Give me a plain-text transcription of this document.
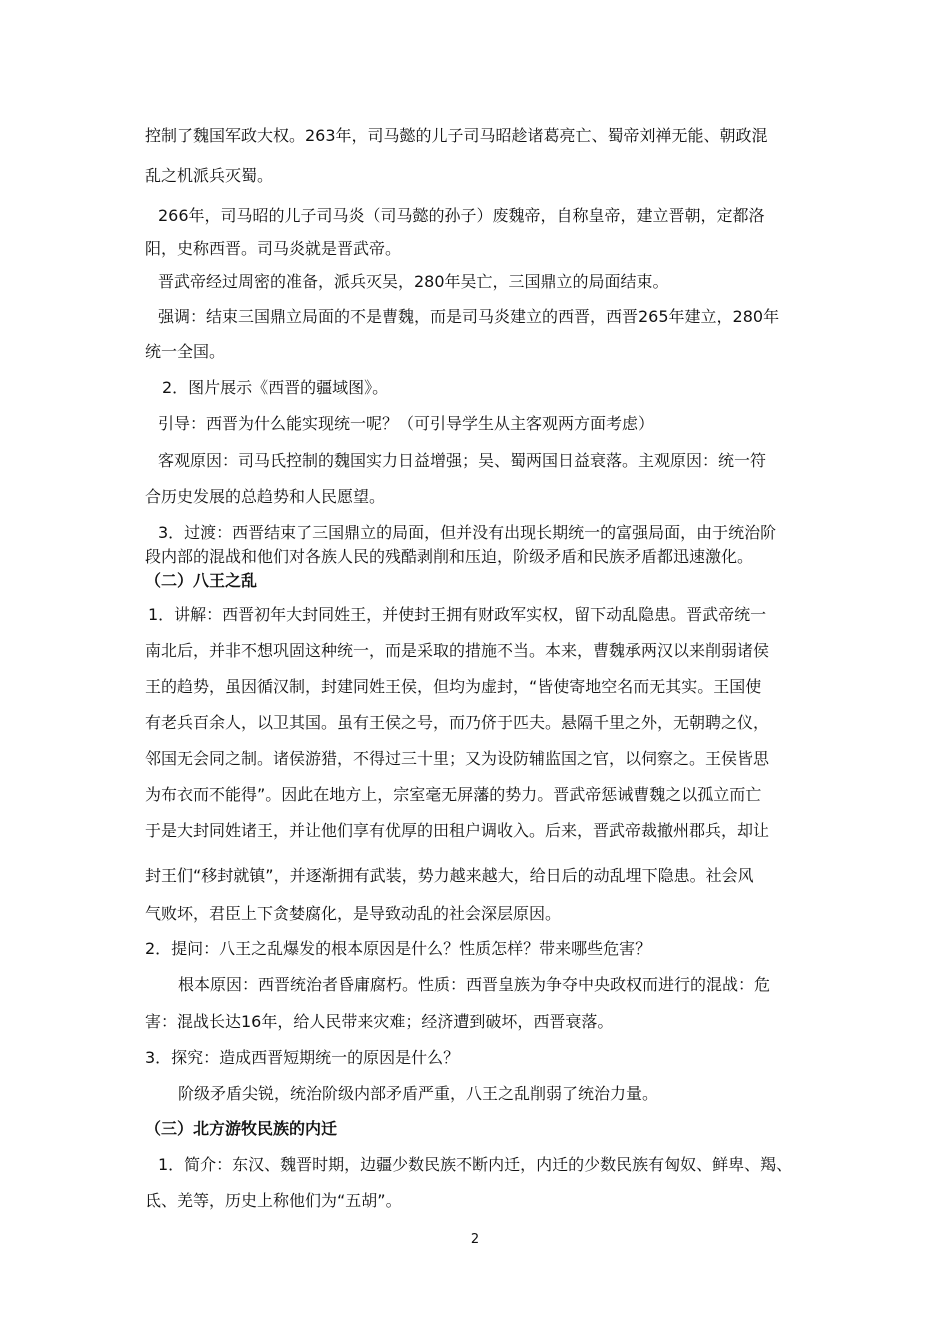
控制了魏国军政大权。263年，司马懿的儿子司马昭趁诸葛亮亡、蜀帝刘禅无能、朝政混
乱之机派兵灭蜀。
266年，司马昭的儿子司马炎（司马懿的孙子）废魏帝，自称皇帝，建立晋朝，定都洛
阳，史称西晋。司马炎就是晋武帝。
晋武帝经过周密的准备，派兵灭吴，280年吴亡，三国鼎立的局面结束。
强调：结束三国鼎立局面的不是曹魏，而是司马炎建立的西晋，西晋265年建立，280年
统一全国。
2．图片展示《西晋的疆域图》。
引导：西晋为什么能实现统一呢？（可引导学生从主客观两方面考虑）
客观原因：司马氏控制的魏国实力日益增强；吴、蜀两国日益衰落。主观原因：统一符
合历史发展的总趋势和人民愿望。
3．过渡：西晋结束了三国鼎立的局面，但并没有出现长期统一的富强局面，由于统治阶
段内部的混战和他们对各族人民的残酷剥削和压迫，阶级矛盾和民族矛盾都迅速激化。
（二）八王之乱
1．讲解：西晋初年大封同姓王，并使封王拥有财政军实权，留下动乱隐患。晋武帝统一
南北后，并非不想巩固这种统一，而是采取的措施不当。本来，曹魏承两汉以来削弱诸侯
王的趋势，虽因循汉制，封建同姓王侯，但均为虚封，“皆使寄地空名而无其实。王国使
有老兵百余人，以卫其国。虽有王侯之号，而乃侪于匹夫。悬隔千里之外，无朝聘之仪，
邻国无会同之制。诸侯游猎，不得过三十里；又为设防辅监国之官，以伺察之。王侯皆思
为布衣而不能得”。因此在地方上，宗室毫无屏藩的势力。晋武帝惩诫曹魏之以孤立而亡
于是大封同姓诸王，并让他们享有优厚的田租户调收入。后来，晋武帝裁撤州郡兵，却让
封王们“移封就镇”，并逐渐拥有武装，势力越来越大，给日后的动乱埋下隐患。社会风
气败坏，君臣上下贪婪腐化，是导致动乱的社会深层原因。
2．提问：八王之乱爆发的根本原因是什么？性质怎样？带来哪些危害？
根本原因：西晋统治者昏庸腐朽。性质：西晋皇族为争夺中央政权而进行的混战：危
害：混战长达16年，给人民带来灾难；经济遭到破坏，西晋衰落。
3．探究：造成西晋短期统一的原因是什么？
阶级矛盾尖锐，统治阶级内部矛盾严重，八王之乱削弱了统治力量。
（三）北方游牧民族的内迁
1．简介：东汉、魏晋时期，边疆少数民族不断内迁，内迁的少数民族有匈奴、鲜卑、羯、
氐、羌等，历史上称他们为“五胡”。
2
